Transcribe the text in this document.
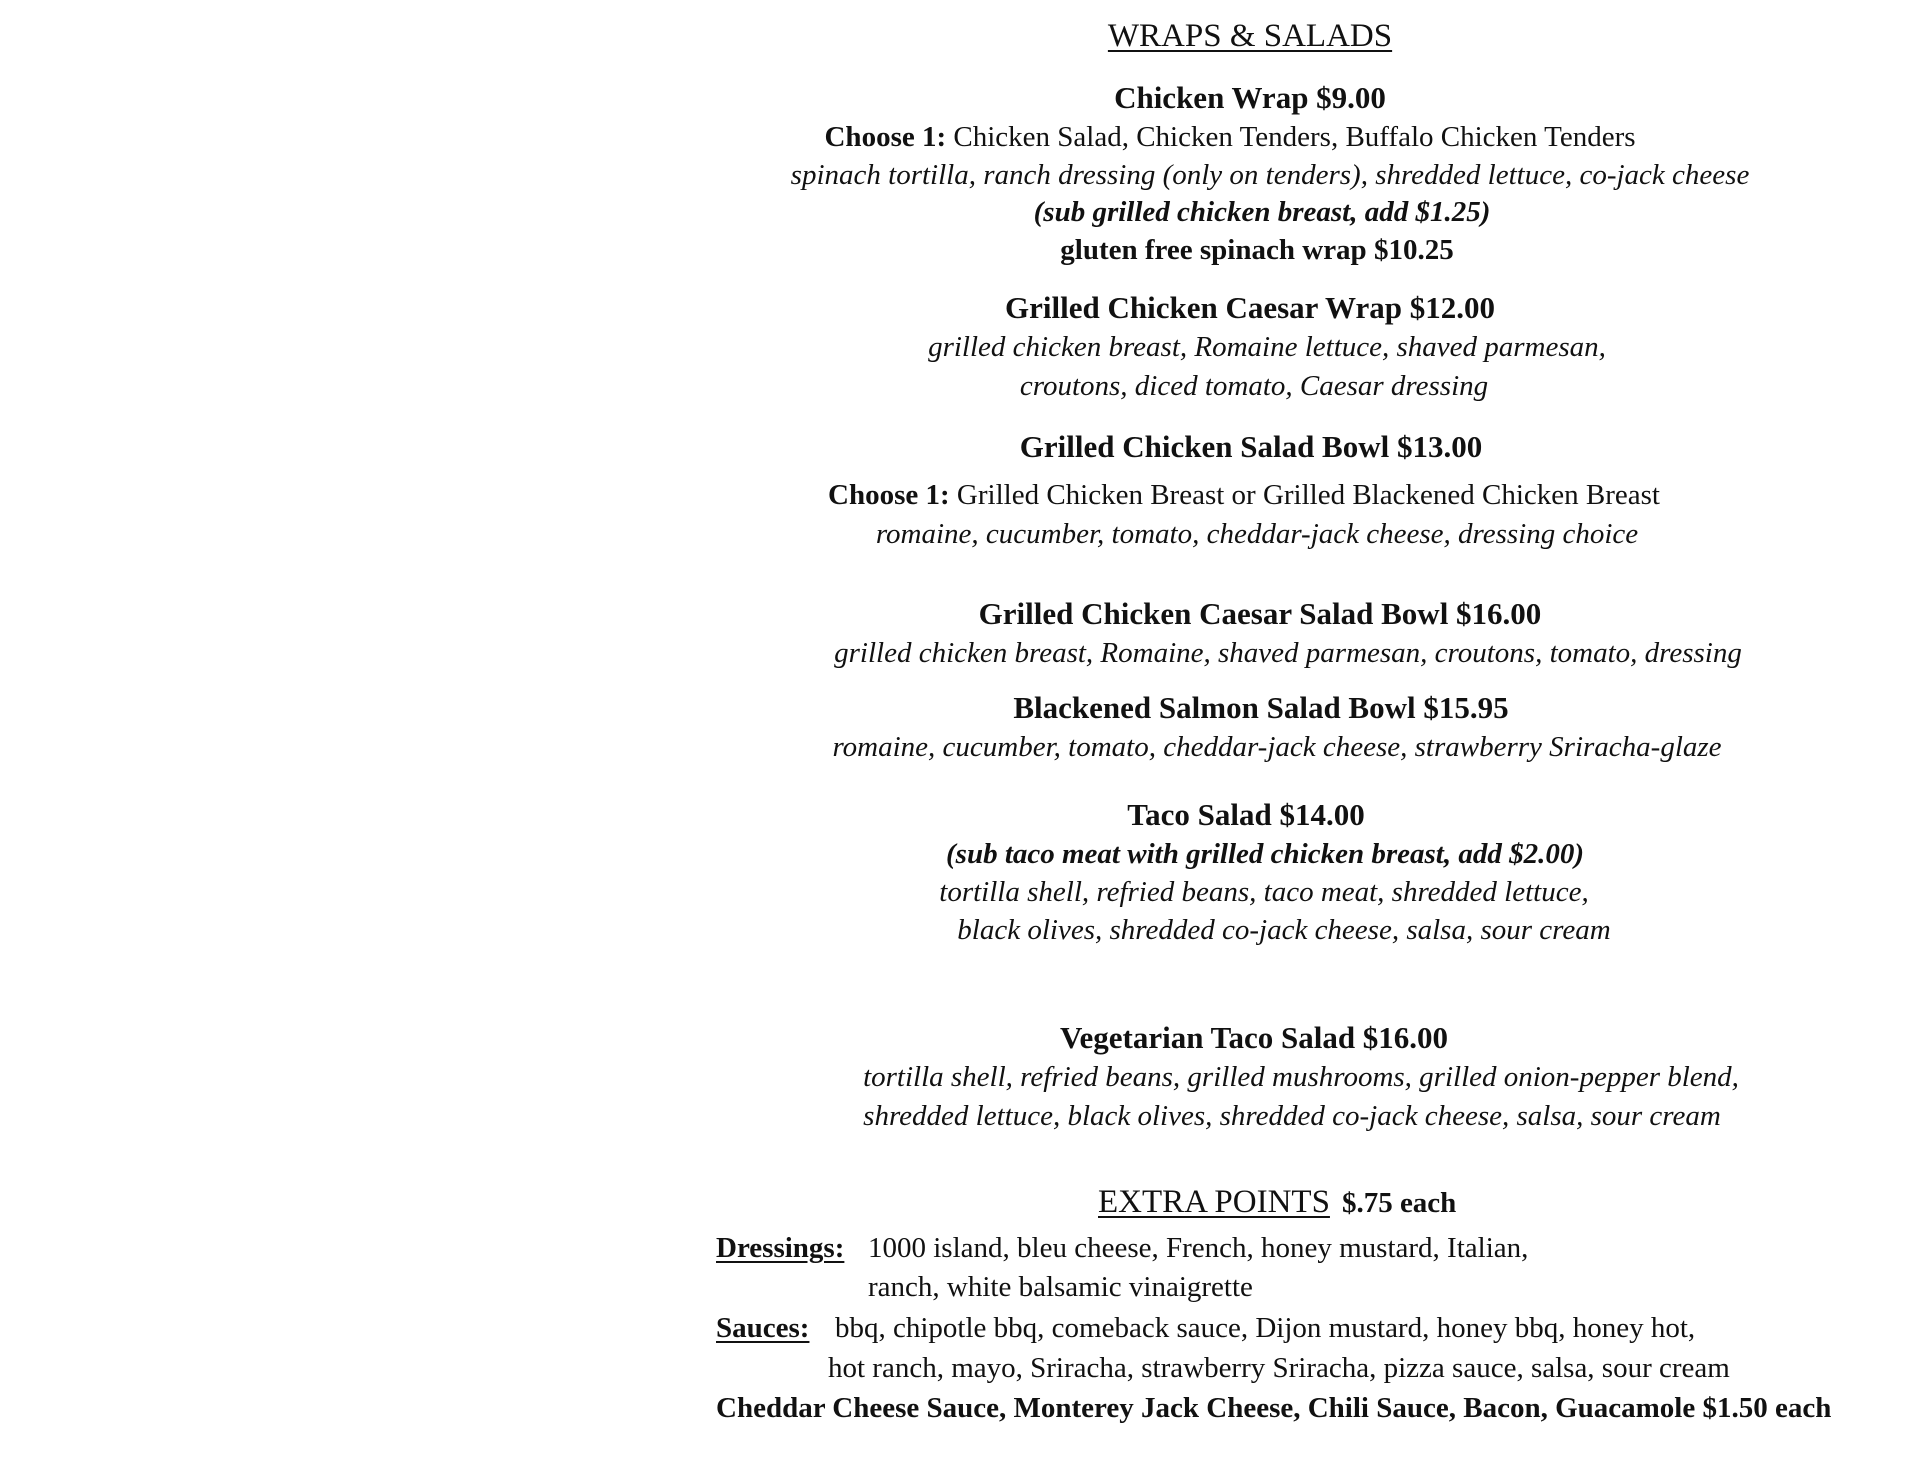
WRAPS & SALADS
Chicken Wrap $9.00
Choose 1: Chicken Salad, Chicken Tenders, Buffalo Chicken Tenders
spinach tortilla, ranch dressing (only on tenders), shredded lettuce, co-jack cheese
(sub grilled chicken breast, add $1.25)
gluten free spinach wrap $10.25
Grilled Chicken Caesar Wrap $12.00
grilled chicken breast, Romaine lettuce, shaved parmesan,
croutons, diced tomato, Caesar dressing
Grilled Chicken Salad Bowl $13.00
Choose 1: Grilled Chicken Breast or Grilled Blackened Chicken Breast
romaine, cucumber, tomato, cheddar-jack cheese, dressing choice
Grilled Chicken Caesar Salad Bowl $16.00
grilled chicken breast, Romaine, shaved parmesan, croutons, tomato, dressing
Blackened Salmon Salad Bowl $15.95
romaine, cucumber, tomato, cheddar-jack cheese, strawberry Sriracha-glaze
Taco Salad $14.00
(sub taco meat with grilled chicken breast, add $2.00)
tortilla shell, refried beans, taco meat, shredded lettuce,
black olives, shredded co-jack cheese, salsa, sour cream
Vegetarian Taco Salad $16.00
tortilla shell, refried beans, grilled mushrooms, grilled onion-pepper blend,
shredded lettuce, black olives, shredded co-jack cheese, salsa, sour cream
EXTRA POINTS $.75 each
Dressings: 1000 island, bleu cheese, French, honey mustard, Italian,
ranch, white balsamic vinaigrette
Sauces: bbq, chipotle bbq, comeback sauce, Dijon mustard, honey bbq, honey hot,
hot ranch, mayo, Sriracha, strawberry Sriracha, pizza sauce, salsa, sour cream
Cheddar Cheese Sauce, Monterey Jack Cheese, Chili Sauce, Bacon, Guacamole $1.50 each
